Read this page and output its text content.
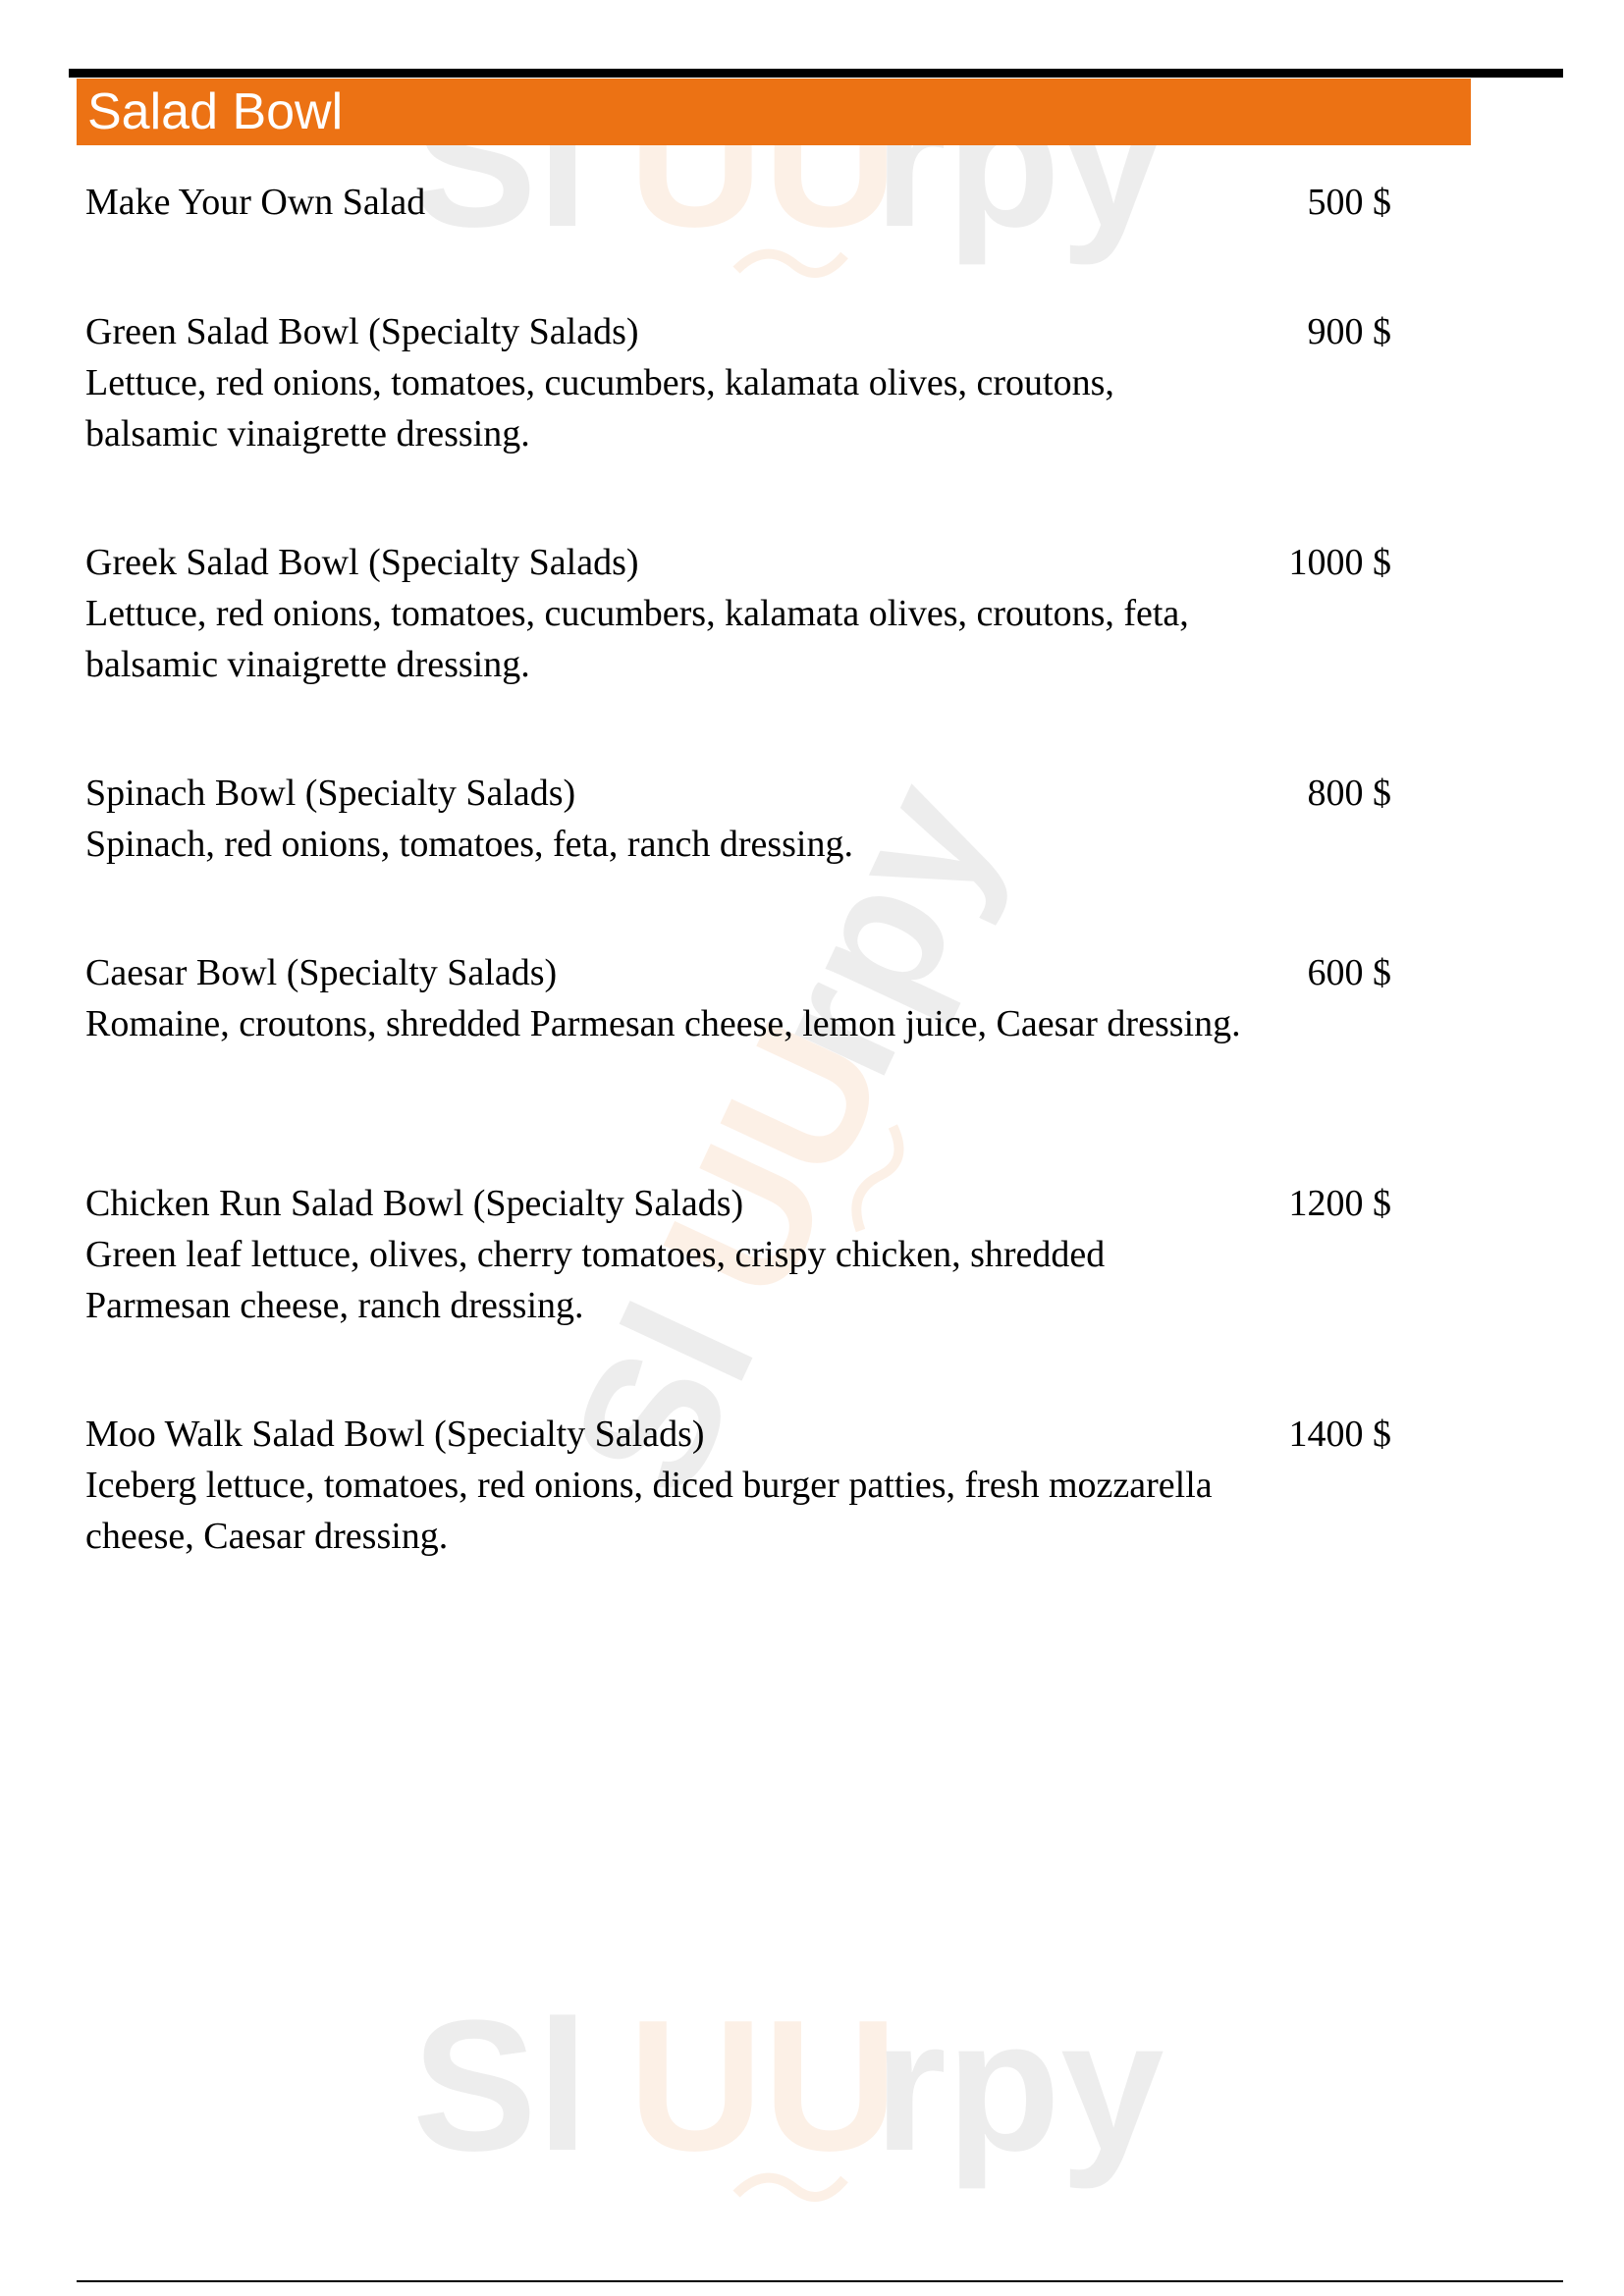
Sl UU
rpy
Sl
UU
rpy
Sl UU
rpy
Salad Bowl
Make Your Own Salad	500 $
Green Salad Bowl (Specialty Salads)
Lettuce, red onions, tomatoes, cucumbers, kalamata olives, croutons, balsamic vinaigrette dressing.
900 $
Greek Salad Bowl (Specialty Salads)
Lettuce, red onions, tomatoes, cucumbers, kalamata olives, croutons, feta, balsamic vinaigrette dressing.
1000 $
Spinach Bowl (Specialty Salads)
Spinach, red onions, tomatoes, feta, ranch dressing.
800 $
Caesar Bowl (Specialty Salads)
Romaine, croutons, shredded Parmesan cheese, lemon juice, Caesar dressing.
600 $
Chicken Run Salad Bowl (Specialty Salads)
Green leaf lettuce, olives, cherry tomatoes, crispy chicken, shredded Parmesan cheese, ranch dressing.
1200 $
Moo Walk Salad Bowl (Specialty Salads)
Iceberg lettuce, tomatoes, red onions, diced burger patties, fresh mozzarella cheese, Caesar dressing.
1400 $
